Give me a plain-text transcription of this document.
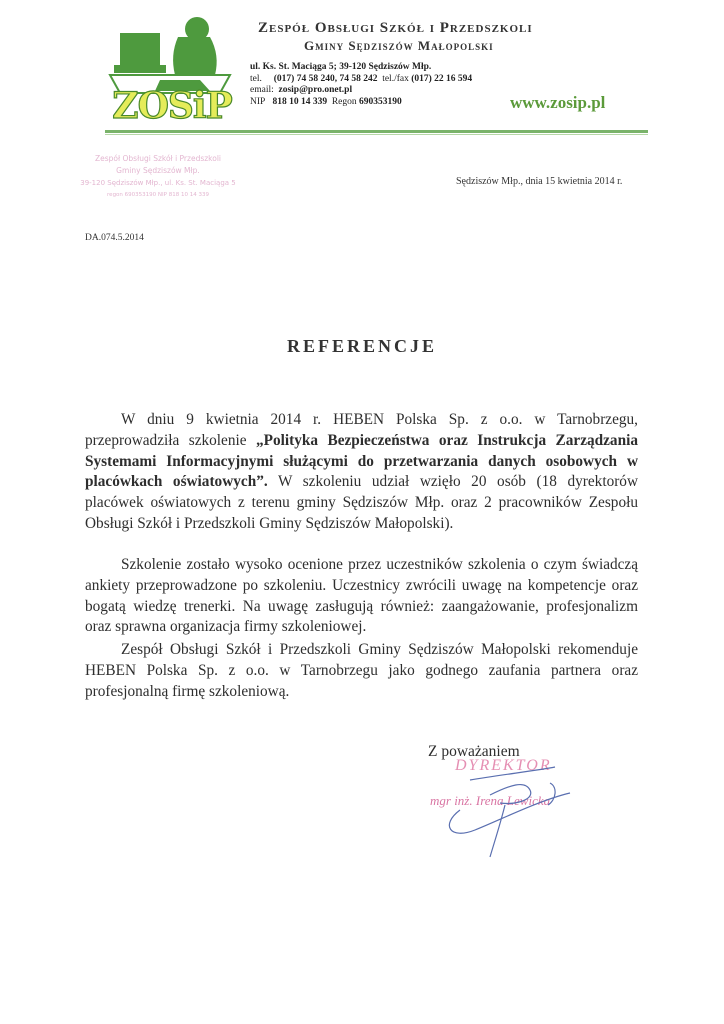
ZOSiP
Zespół Obsługi Szkół i Przedszkoli
Gminy Sędziszów Małopolski
ul. Ks. St. Maciąga 5; 39-120 Sędziszów Młp.
tel. (017) 74 58 240, 74 58 242 tel./fax (017) 22 16 594
email: zosip@pro.onet.pl
NIP 818 10 14 339 Regon 690353190	www.zosip.pl
Zespół Obsługi Szkół i Przedszkoli
Gminy Sędziszów Młp.
39-120 Sędziszów Młp., ul. Ks. St. Maciąga 5
regon 690353190 NIP 818 10 14 339
DA.074.5.2014
Sędziszów Młp., dnia 15 kwietnia 2014 r.
REFERENCJE
W dniu 9 kwietnia 2014 r. HEBEN Polska Sp. z o.o. w Tarnobrzegu, przeprowadziła szkolenie „Polityka Bezpieczeństwa oraz Instrukcja Zarządzania Systemami Informacyjnymi służącymi do przetwarzania danych osobowych w placówkach oświatowych”. W szkoleniu udział wzięło 20 osób (18 dyrektorów placówek oświatowych z terenu gminy Sędziszów Młp. oraz 2 pracowników Zespołu Obsługi Szkół i Przedszkoli Gminy Sędziszów Małopolski).
Szkolenie zostało wysoko ocenione przez uczestników szkolenia o czym świadczą ankiety przeprowadzone po szkoleniu. Uczestnicy zwrócili uwagę na kompetencje oraz bogatą wiedzę trenerki. Na uwagę zasługują również: zaangażowanie, profesjonalizm oraz sprawna organizacja firmy szkoleniowej.
Zespół Obsługi Szkół i Przedszkoli Gminy Sędziszów Małopolski rekomenduje HEBEN Polska Sp. z o.o. w Tarnobrzegu jako godnego zaufania partnera oraz profesjonalną firmę szkoleniową.
Z poważaniem
DYREKTOR
mgr inż. Irena Lewicka
